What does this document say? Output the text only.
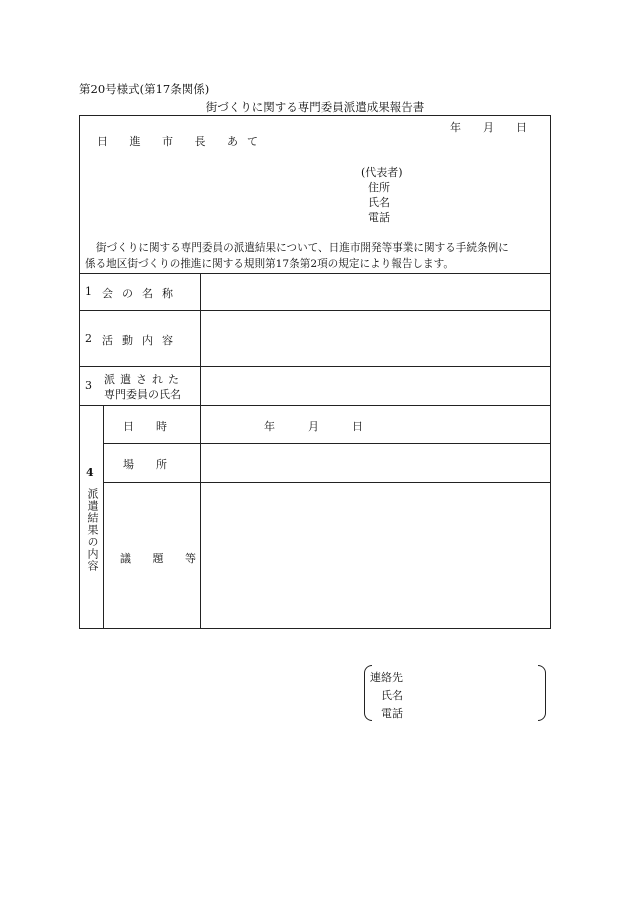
第20号様式(第17条関係)
街づくりに関する専門委員派遣成果報告書
年　　月　　日
日 進 市 長 あて
(代表者)
住所
氏名
電話
街づくりに関する専門委員の派遣結果について、日進市開発等事業に関する手続条例に
係る地区街づくりの推進に関する規則第17条第2項の規定により報告します。
1 会の名称
2 活動内容
3 派遣された
専門委員の氏名
4
派遣結果の内容
日　　時	年　　　月　　　日
場　　所
議 題 等
連絡先
氏名
電話
